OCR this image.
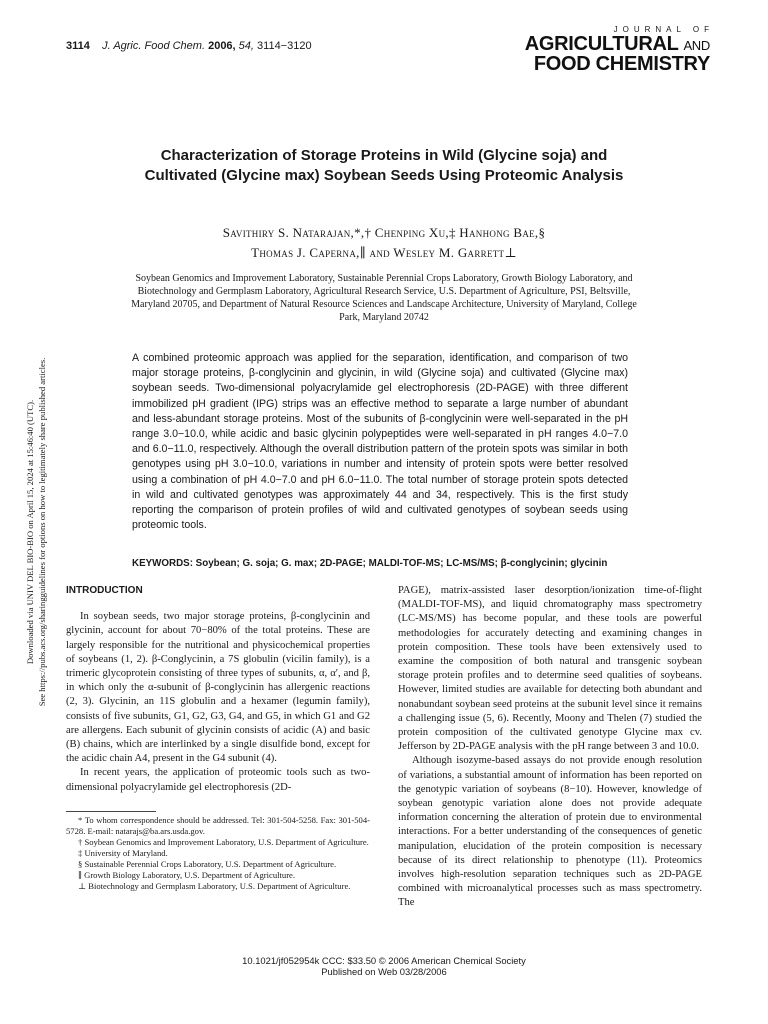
3114 J. Agric. Food Chem. 2006, 54, 3114−3120
JOURNAL OF
AGRICULTURAL AND
FOOD CHEMISTRY
Characterization of Storage Proteins in Wild (Glycine soja) and Cultivated (Glycine max) Soybean Seeds Using Proteomic Analysis
Savithiry S. Natarajan,*,† Chenping Xu,‡ Hanhong Bae,§
Thomas J. Caperna,∥ and Wesley M. Garrett⊥
Soybean Genomics and Improvement Laboratory, Sustainable Perennial Crops Laboratory, Growth Biology Laboratory, and Biotechnology and Germplasm Laboratory, Agricultural Research Service, U.S. Department of Agriculture, PSI, Beltsville, Maryland 20705, and Department of Natural Resource Sciences and Landscape Architecture, University of Maryland, College Park, Maryland 20742
A combined proteomic approach was applied for the separation, identification, and comparison of two major storage proteins, β-conglycinin and glycinin, in wild (Glycine soja) and cultivated (Glycine max) soybean seeds. Two-dimensional polyacrylamide gel electrophoresis (2D-PAGE) with three different immobilized pH gradient (IPG) strips was an effective method to separate a large number of abundant and less-abundant storage proteins. Most of the subunits of β-conglycinin were well-separated in the pH range 3.0−10.0, while acidic and basic glycinin polypeptides were well-separated in pH ranges 4.0−7.0 and 6.0−11.0, respectively. Although the overall distribution pattern of the protein spots was similar in both genotypes using pH 3.0−10.0, variations in number and intensity of protein spots were better resolved using a combination of pH 4.0−7.0 and pH 6.0−11.0. The total number of storage protein spots detected in wild and cultivated genotypes was approximately 44 and 34, respectively. This is the first study reporting the comparison of protein profiles of wild and cultivated genotypes of soybean seeds using proteomic tools.
KEYWORDS: Soybean; G. soja; G. max; 2D-PAGE; MALDI-TOF-MS; LC-MS/MS; β-conglycinin; glycinin
INTRODUCTION

In soybean seeds, two major storage proteins, β-conglycinin and glycinin, account for about 70−80% of the total proteins. These are largely responsible for the nutritional and physicochemical properties of soybeans (1, 2). β-Conglycinin, a 7S globulin (vicilin family), is a trimeric glycoprotein consisting of three types of subunits, α, α′, and β, in which only the α-subunit of β-conglycinin has allergenic reactions (2, 3). Glycinin, an 11S globulin and a hexamer (legumin family), consists of five subunits, G1, G2, G3, G4, and G5, in which G1 and G2 are allergens. Each subunit of glycinin consists of acidic (A) and basic (B) chains, which are interlinked by a single disulfide bond, except for the acidic chain A4, present in the G4 subunit (4).

In recent years, the application of proteomic tools such as two-dimensional polyacrylamide gel electrophoresis (2D-

PAGE), matrix-assisted laser desorption/ionization time-of-flight (MALDI-TOF-MS), and liquid chromatography mass spectrometry (LC-MS/MS) has become popular, and these tools are powerful methodologies for accurately detecting and examining changes in protein composition. These tools have been extensively used to examine the composition of both natural and transgenic soybean storage protein profiles and to determine seed qualities of soybeans. However, limited studies are available for detecting both abundant and nonabundant soybean seed proteins at the subunit level since it remains a challenging issue (5, 6). Recently, Moony and Thelen (7) studied the protein composition of the cultivated genotype Glycine max cv. Jefferson by 2D-PAGE analysis with the pH range between 3 and 10.0.

Although isozyme-based assays do not provide enough resolution of variations, a substantial amount of information has been reported on the genotypic variation of soybeans (8−10). However, knowledge of soybean genotypic variation alone does not provide adequate information concerning the alteration of protein due to environmental interactions. For a better understanding of the consequences of genetic manipulation, elucidation of the protein composition is necessary because of its direct relationship to phenotype (11). Proteomics involves high-resolution separation techniques such as 2D-PAGE combined with microanalytical processes such as mass spectrometry. The

* To whom correspondence should be addressed. Tel: 301-504-5258. Fax: 301-504-5728. E-mail: natarajs@ba.ars.usda.gov.
† Soybean Genomics and Improvement Laboratory, U.S. Department of Agriculture.
‡ University of Maryland.
§ Sustainable Perennial Crops Laboratory, U.S. Department of Agriculture.
∥ Growth Biology Laboratory, U.S. Department of Agriculture.
⊥ Biotechnology and Germplasm Laboratory, U.S. Department of Agriculture.
10.1021/jf052954k CCC: $33.50 © 2006 American Chemical Society
Published on Web 03/28/2006
Downloaded via UNIV DEL BIO-BIO on April 15, 2024 at 15:46:40 (UTC). See https://pubs.acs.org/sharingguidelines for options on how to legitimately share published articles.
